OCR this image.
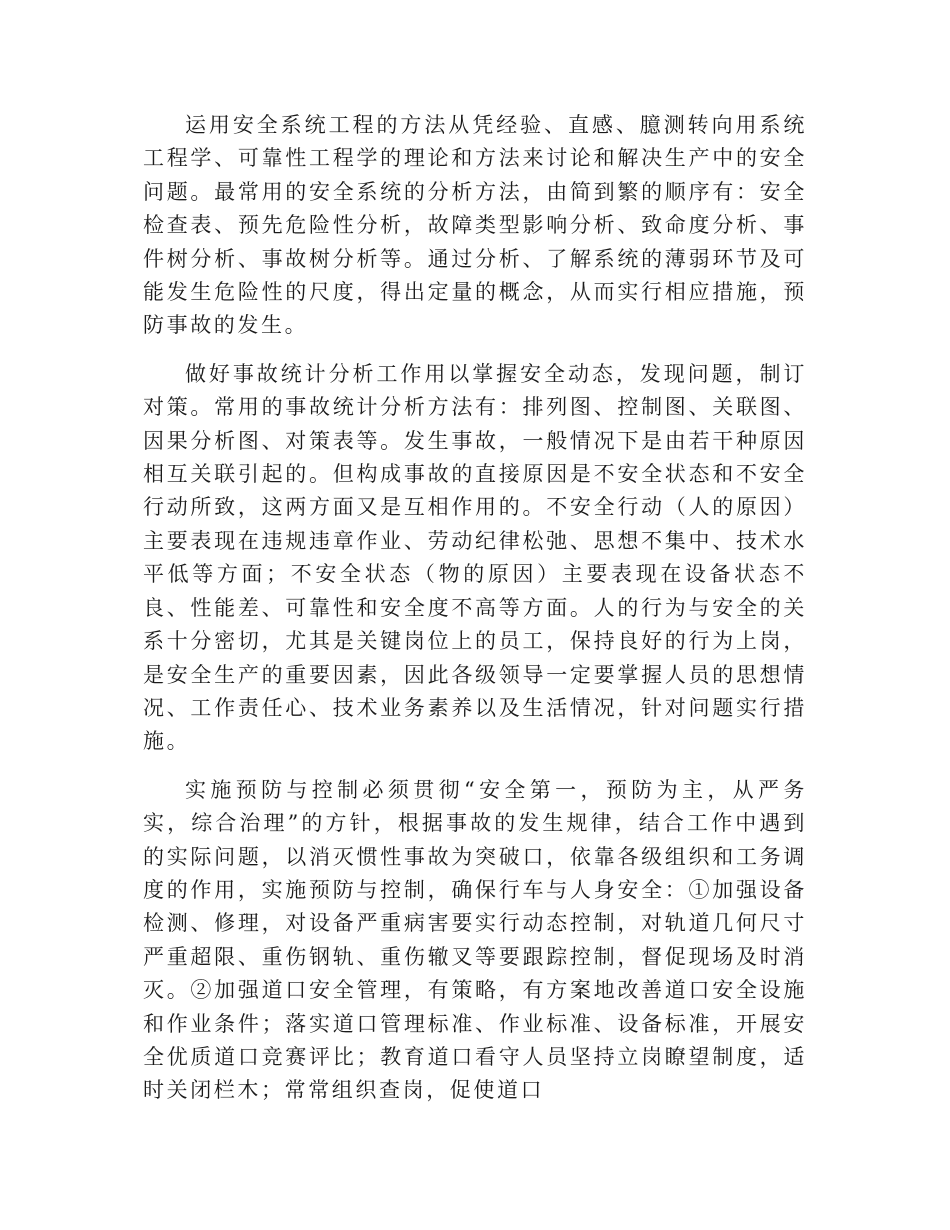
运用安全系统工程的方法从凭经验、直感、臆测转向用系统工程学、可靠性工程学的理论和方法来讨论和解决生产中的安全问题。最常用的安全系统的分析方法，由简到繁的顺序有：安全检查表、预先危险性分析，故障类型影响分析、致命度分析、事件树分析、事故树分析等。通过分析、了解系统的薄弱环节及可能发生危险性的尺度，得出定量的概念，从而实行相应措施，预防事故的发生。

做好事故统计分析工作用以掌握安全动态，发现问题，制订对策。常用的事故统计分析方法有：排列图、控制图、关联图、因果分析图、对策表等。发生事故，一般情况下是由若干种原因相互关联引起的。但构成事故的直接原因是不安全状态和不安全行动所致，这两方面又是互相作用的。不安全行动（人的原因）主要表现在违规违章作业、劳动纪律松弛、思想不集中、技术水平低等方面；不安全状态（物的原因）主要表现在设备状态不良、性能差、可靠性和安全度不高等方面。人的行为与安全的关系十分密切，尤其是关键岗位上的员工，保持良好的行为上岗，是安全生产的重要因素，因此各级领导一定要掌握人员的思想情况、工作责任心、技术业务素养以及生活情况，针对问题实行措施。

实施预防与控制必须贯彻“安全第一，预防为主，从严务实，综合治理”的方针，根据事故的发生规律，结合工作中遇到的实际问题，以消灭惯性事故为突破口，依靠各级组织和工务调度的作用，实施预防与控制，确保行车与人身安全：①加强设备检测、修理，对设备严重病害要实行动态控制，对轨道几何尺寸严重超限、重伤钢轨、重伤辙叉等要跟踪控制，督促现场及时消灭。②加强道口安全管理，有策略，有方案地改善道口安全设施和作业条件；落实道口管理标准、作业标准、设备标准，开展安全优质道口竞赛评比；教育道口看守人员坚持立岗瞭望制度，适时关闭栏木；常常组织查岗，促使道口
